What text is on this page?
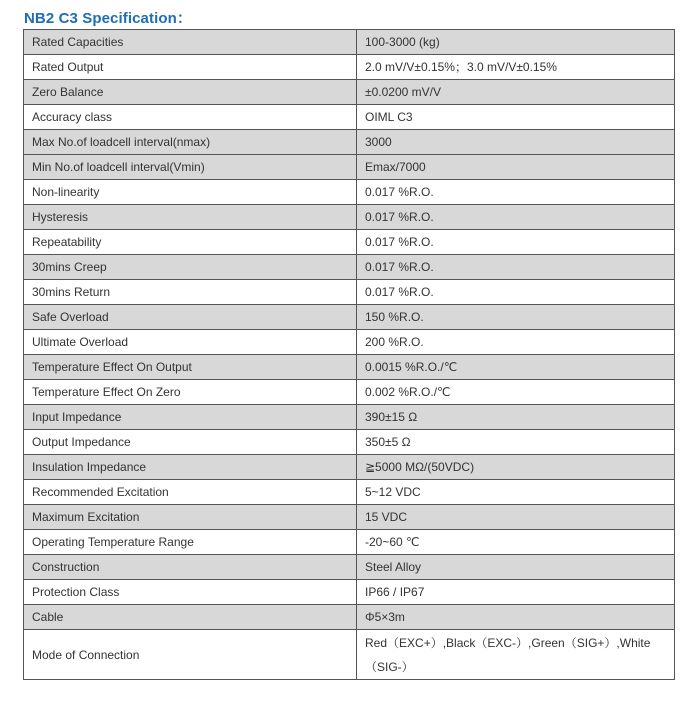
NB2 C3 Specification：
Rated Capacities	100-3000 (kg)
Rated Output	2.0 mV/V±0.15%；3.0 mV/V±0.15%
Zero Balance	±0.0200 mV/V
Accuracy class	OIML C3
Max No.of loadcell interval(nmax)	3000
Min No.of loadcell interval(Vmin)	Emax/7000
Non-linearity	0.017 %R.O.
Hysteresis	0.017 %R.O.
Repeatability	0.017 %R.O.
30mins Creep	0.017 %R.O.
30mins Return	0.017 %R.O.
Safe Overload	150 %R.O.
Ultimate Overload	200 %R.O.
Temperature Effect On Output	0.0015 %R.O./℃
Temperature Effect On Zero	0.002 %R.O./℃
Input Impedance	390±15 Ω
Output Impedance	350±5 Ω
Insulation Impedance	≧5000 MΩ/(50VDC)
Recommended Excitation	5~12 VDC
Maximum Excitation	15 VDC
Operating Temperature Range	-20~60 ℃
Construction	Steel Alloy
Protection Class	IP66 / IP67
Cable	Φ5×3m
Mode of Connection	Red（EXC+）,Black（EXC-）,Green（SIG+）,White（SIG-）
